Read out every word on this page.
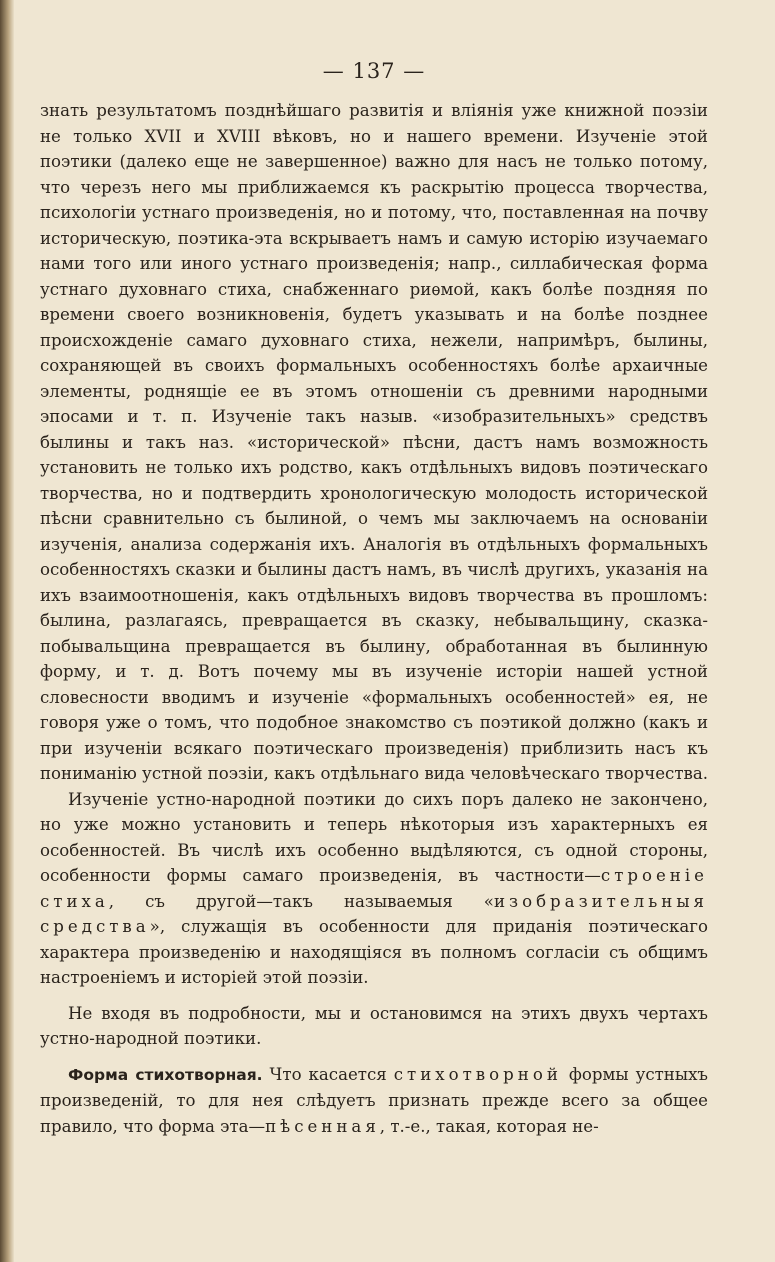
— 137 —

знать результатомъ позднѣйшаго развитія и вліянія уже книжной поэзіи не только XVII и XVIII вѣковъ, но и нашего времени. Изученіе этой поэтики (далеко еще не завершенное) важно для насъ не только потому, что черезъ него мы приближаемся къ раскрытію процесса творчества, психологіи устнаго произведенія, но и потому, что, поставленная на почву историческую, поэтика-эта вскрываетъ намъ и самую исторію изучаемаго нами того или иного устнаго произведенія; напр., силлабическая форма устнаго духовнаго стиха, снабженнаго риѳмой, какъ болѣе поздняя по времени своего возникновенія, будетъ указывать и на болѣе позднее происхожденіе самаго духовнаго стиха, нежели, напримѣръ, былины, сохраняющей въ своихъ формальныхъ особенностяхъ болѣе архаичные элементы, роднящіе ее въ этомъ отношеніи съ древними народными эпосами и т. п. Изученіе такъ назыв. «изобразительныхъ» средствъ былины и такъ наз. «исторической» пѣсни, дастъ намъ возможность установить не только ихъ родство, какъ отдѣльныхъ видовъ поэтическаго творчества, но и подтвердить хронологическую молодость исторической пѣсни сравнительно съ былиной, о чемъ мы заключаемъ на основаніи изученія, анализа содержанія ихъ. Аналогія въ отдѣльныхъ формальныхъ особенностяхъ сказки и былины дастъ намъ, въ числѣ другихъ, указанія на ихъ взаимоотношенія, какъ отдѣльныхъ видовъ творчества въ прошломъ: былина, разлагаясь, превращается въ сказку, небывальщину, сказка-побывальщина превращается въ былину, обработанная въ былинную форму, и т. д. Вотъ почему мы въ изученіе исторіи нашей устной словесности вводимъ и изученіе «формальныхъ особенностей» ея, не говоря уже о томъ, что подобное знакомство съ поэтикой должно (какъ и при изученіи всякаго поэтическаго произведенія) приблизить насъ къ пониманію устной поэзіи, какъ отдѣльнаго вида человѣческаго творчества.

Изученіе устно-народной поэтики до сихъ поръ далеко не закончено, но уже можно установить и теперь нѣкоторыя изъ характерныхъ ея особенностей. Въ числѣ ихъ особенно выдѣляются, съ одной стороны, особенности формы самаго произведенія, въ частности—строеніе стиха, съ другой—такъ называемыя «изобразительныя средства», служащія въ особенности для приданія поэтическаго характера произведенію и находящіяся въ полномъ согласіи съ общимъ настроеніемъ и исторіей этой поэзіи.

Не входя въ подробности, мы и остановимся на этихъ двухъ чертахъ устно-народной поэтики.

Форма стихотворная. Что касается стихотворной формы устныхъ произведеній, то для нея слѣдуетъ признать прежде всего за общее правило, что форма эта—пѣсенная, т.-е., такая, которая не-
